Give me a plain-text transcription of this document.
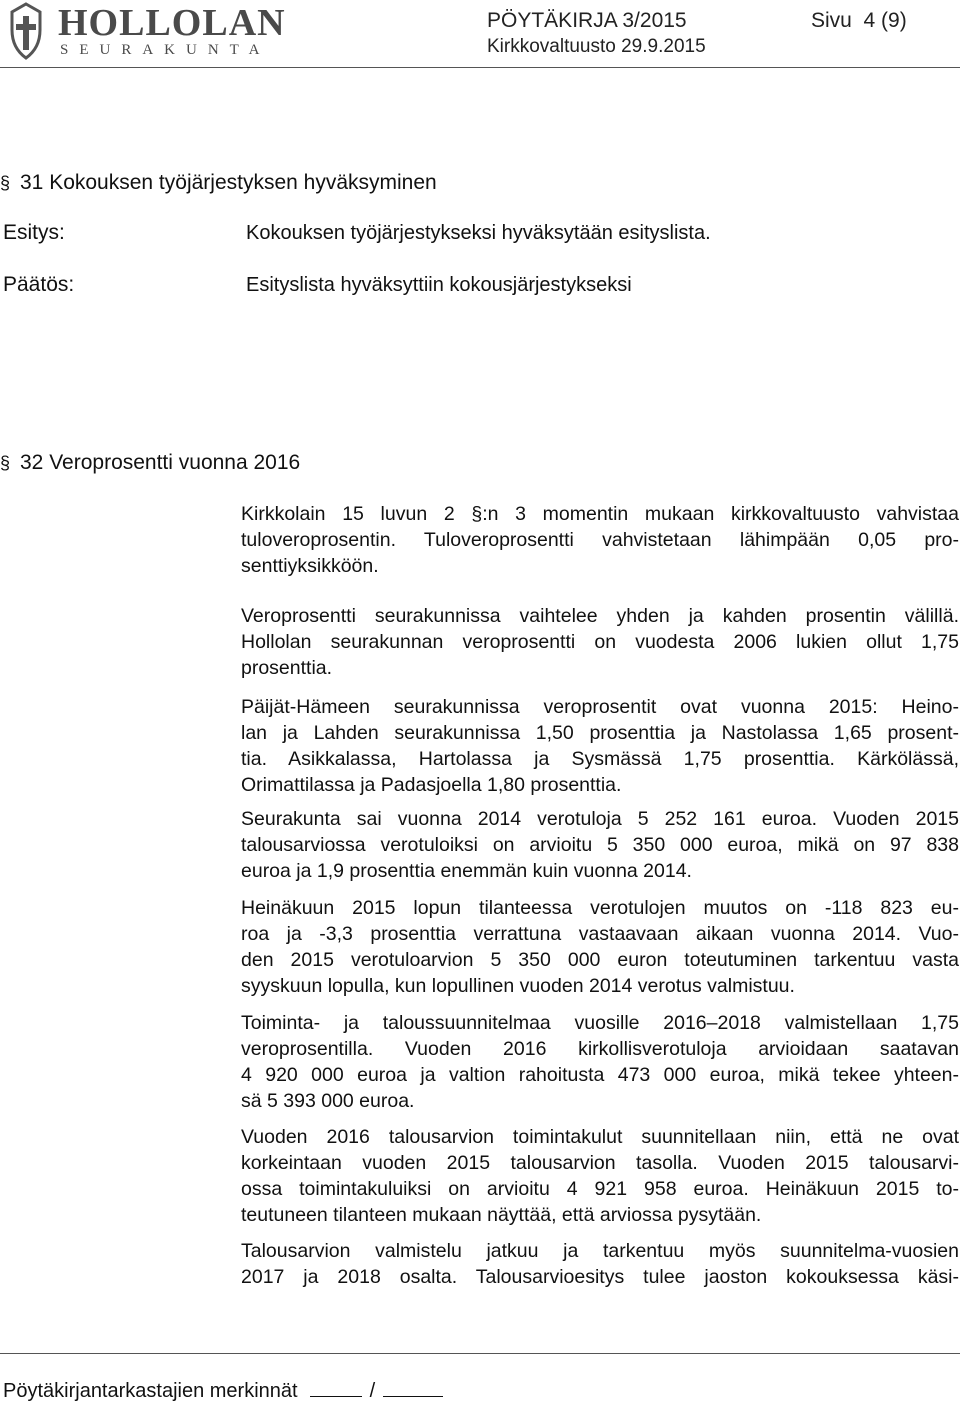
HOLLOLAN
SEURAKUNTA
PÖYTÄKIRJA 3/2015	Sivu  4 (9)
Kirkkovaltuusto 29.9.2015
§ 31 Kokouksen työjärjestyksen hyväksyminen
Esitys:	Kokouksen työjärjestykseksi hyväksytään esityslista.
Päätös:	Esityslista hyväksyttiin kokousjärjestykseksi
§ 32 Veroprosentti vuonna 2016
Kirkkolain 15 luvun 2 §:n 3 momentin mukaan kirkkovaltuusto vahvistaa
tuloveroprosentin. Tuloveroprosentti vahvistetaan lähimpään 0,05 pro-
senttiyksikköön.
Veroprosentti seurakunnissa vaihtelee yhden ja kahden prosentin välillä.
Hollolan seurakunnan veroprosentti on vuodesta 2006 lukien ollut 1,75
prosenttia.
Päijät-Hämeen seurakunnissa veroprosentit ovat vuonna 2015: Heino-
lan ja Lahden seurakunnissa 1,50 prosenttia ja Nastolassa 1,65 prosent-
tia. Asikkalassa, Hartolassa ja Sysmässä 1,75 prosenttia. Kärkölässä,
Orimattilassa ja Padasjoella 1,80 prosenttia.
Seurakunta sai vuonna 2014 verotuloja 5 252 161 euroa. Vuoden 2015
talousarviossa verotuloiksi on arvioitu 5 350 000 euroa, mikä on 97 838
euroa ja 1,9 prosenttia enemmän kuin vuonna 2014.
Heinäkuun 2015 lopun tilanteessa verotulojen muutos on -118 823 eu-
roa ja -3,3 prosenttia verrattuna vastaavaan aikaan vuonna 2014. Vuo-
den 2015 verotuloarvion 5 350 000 euron toteutuminen tarkentuu vasta
syyskuun lopulla, kun lopullinen vuoden 2014 verotus valmistuu.
Toiminta- ja taloussuunnitelmaa vuosille 2016–2018 valmistellaan 1,75
veroprosentilla. Vuoden 2016 kirkollisverotuloja arvioidaan saatavan
4 920 000 euroa ja valtion rahoitusta 473 000 euroa, mikä tekee yhteen-
sä 5 393 000 euroa.
Vuoden 2016 talousarvion toimintakulut suunnitellaan niin, että ne ovat
korkeintaan vuoden 2015 talousarvion tasolla. Vuoden 2015 talousarvi-
ossa toimintakuluiksi on arvioitu 4 921 958 euroa. Heinäkuun 2015 to-
teutuneen tilanteen mukaan näyttää, että arviossa pysytään.
Talousarvion valmistelu jatkuu ja tarkentuu myös suunnitelma-vuosien
2017 ja 2018 osalta. Talousarvioesitys tulee jaoston kokouksessa käsi-
Pöytäkirjantarkastajien merkinnät	/
